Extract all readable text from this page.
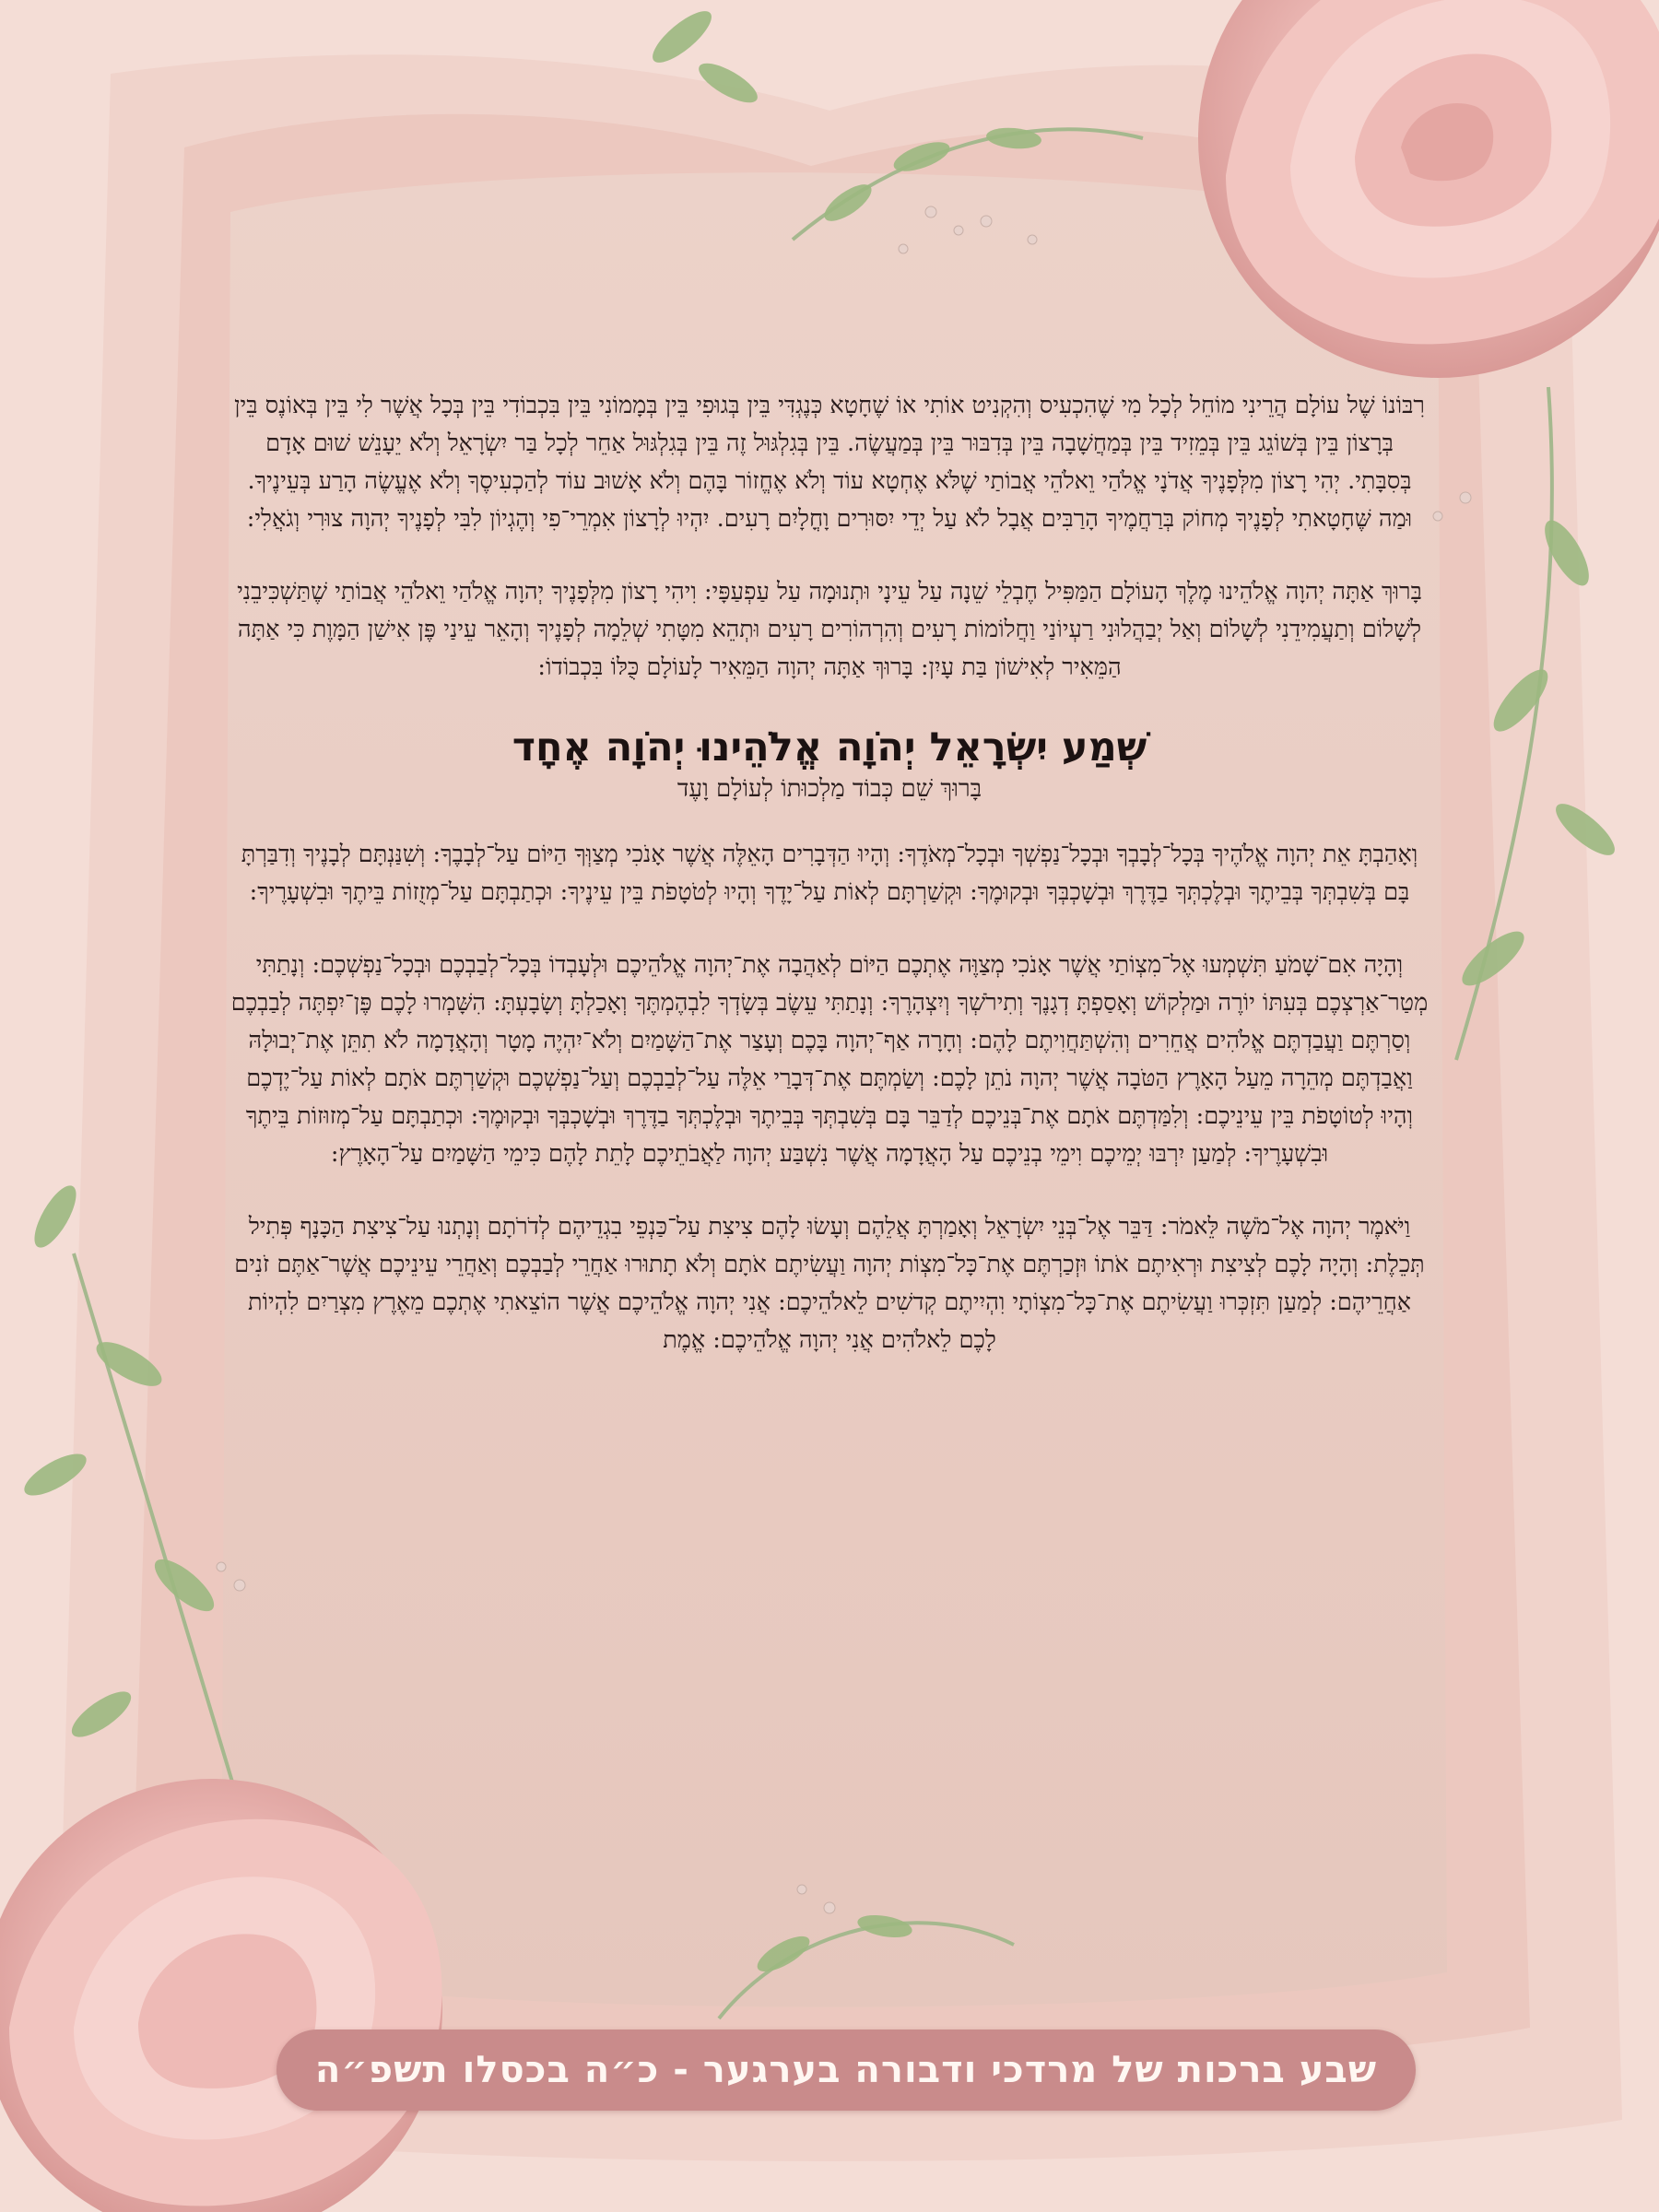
רִבּוֹנוֹ שֶׁל עוֹלָם הֲרֵינִי מוֹחֵל לְכָל מִי שֶׁהִכְעִיס וְהִקְנִיט אוֹתִי אוֹ שֶׁחָטָא כְּנֶגְדִּי בֵּין בְּגוּפִי בֵּין בְּמָמוֹנִי בֵּין בִּכְבוֹדִי בֵּין בְּכָל אֲשֶׁר לִי בֵּין בְּאוֹנֶס בֵּין בְּרָצוֹן בֵּין בְּשׁוֹגֵג בֵּין בְּמֵזִיד בֵּין בְּמַחֲשָׁבָה בֵּין בְּדִבּוּר בֵּין בְּמַעֲשֶׂה. בֵּין בְּגִלְגּוּל זֶה בֵּין בְּגִלְגּוּל אַחֵר לְכָל בַּר יִשְׂרָאֵל וְלֹא יֵעָנֵשׁ שׁוּם אָדָם בְּסִבָּתִי. יְהִי רָצוֹן מִלְּפָנֶיךָ אֲדֹנָי אֱלֹהַי וֵאלֹהֵי אֲבוֹתַי שֶׁלֹּא אֶחְטָא עוֹד וְלֹא אֶחֱזוֹר בָּהֶם וְלֹא אָשׁוּב עוֹד לְהַכְעִיסֶךָ וְלֹא אֶעֱשֶׂה הָרַע בְּעֵינֶיךָ. וּמַה שֶּׁחָטָאתִי לְפָנֶיךָ מְחוֹק בְּרַחֲמֶיךָ הָרַבִּים אֲבָל לֹא עַל יְדֵי יִסּוּרִים וָחֳלָיִם רָעִים. יִהְיוּ לְרָצוֹן אִמְרֵי־פִי וְהֶגְיוֹן לִבִּי לְפָנֶיךָ יְהוָה צוּרִי וְגֹאֲלִי:

בָּרוּךְ אַתָּה יְהוָה אֱלֹהֵינוּ מֶלֶךְ הָעוֹלָם הַמַּפִּיל חֶבְלֵי שֵׁנָה עַל עֵינָי וּתְנוּמָה עַל עַפְעַפָּי: וִיהִי רָצוֹן מִלְּפָנֶיךָ יְהוָה אֱלֹהַי וֵאלֹהֵי אֲבוֹתַי שֶׁתַּשְׁכִּיבֵנִי לְשָׁלוֹם וְתַעֲמִידֵנִי לְשָׁלוֹם וְאַל יְבַהֲלוּנִי רַעְיוֹנַי וַחֲלוֹמוֹת רָעִים וְהִרְהוֹרִים רָעִים וּתְהֵא מִטָּתִי שְׁלֵמָה לְפָנֶיךָ וְהָאֵר עֵינַי פֶּן אִישַׁן הַמָּוֶת כִּי אַתָּה הַמֵּאִיר לְאִישׁוֹן בַּת עָיִן: בָּרוּךְ אַתָּה יְהוָה הַמֵּאִיר לָעוֹלָם כֻּלּוֹ בִּכְבוֹדוֹ:

שְׁמַע יִשְׂרָאֵל יְהֹוָה אֱלֹהֵינוּ יְהֹוָה אֶחָד

בָּרוּךְ שֵׁם כְּבוֹד מַלְכוּתוֹ לְעוֹלָם וָעֶד

וְאָהַבְתָּ אֵת יְהוָה אֱלֹהֶיךָ בְּכָל־לְבָבְךָ וּבְכָל־נַפְשְׁךָ וּבְכָל־מְאֹדֶךָ: וְהָיוּ הַדְּבָרִים הָאֵלֶּה אֲשֶׁר אָנֹכִי מְצַוְּךָ הַיּוֹם עַל־לְבָבֶךָ: וְשִׁנַּנְתָּם לְבָנֶיךָ וְדִבַּרְתָּ בָּם בְּשִׁבְתְּךָ בְּבֵיתֶךָ וּבְלֶכְתְּךָ בַדֶּרֶךְ וּבְשָׁכְבְּךָ וּבְקוּמֶךָ: וּקְשַׁרְתָּם לְאוֹת עַל־יָדֶךָ וְהָיוּ לְטֹטָפֹת בֵּין עֵינֶיךָ: וּכְתַבְתָּם עַל־מְזֻזוֹת בֵּיתֶךָ וּבִשְׁעָרֶיךָ:

וְהָיָה אִם־שָׁמֹעַ תִּשְׁמְעוּ אֶל־מִצְוֹתַי אֲשֶׁר אָנֹכִי מְצַוֶּה אֶתְכֶם הַיּוֹם לְאַהֲבָה אֶת־יְהוָה אֱלֹהֵיכֶם וּלְעָבְדוֹ בְּכָל־לְבַבְכֶם וּבְכָל־נַפְשְׁכֶם: וְנָתַתִּי מְטַר־אַרְצְכֶם בְּעִתּוֹ יוֹרֶה וּמַלְקוֹשׁ וְאָסַפְתָּ דְגָנֶךָ וְתִירֹשְׁךָ וְיִצְהָרֶךָ: וְנָתַתִּי עֵשֶׂב בְּשָׂדְךָ לִבְהֶמְתֶּךָ וְאָכַלְתָּ וְשָׂבָעְתָּ: הִשָּׁמְרוּ לָכֶם פֶּן־יִפְתֶּה לְבַבְכֶם וְסַרְתֶּם וַעֲבַדְתֶּם אֱלֹהִים אֲחֵרִים וְהִשְׁתַּחֲוִיתֶם לָהֶם: וְחָרָה אַף־יְהוָה בָּכֶם וְעָצַר אֶת־הַשָּׁמַיִם וְלֹא־יִהְיֶה מָטָר וְהָאֲדָמָה לֹא תִתֵּן אֶת־יְבוּלָהּ וַאֲבַדְתֶּם מְהֵרָה מֵעַל הָאָרֶץ הַטֹּבָה אֲשֶׁר יְהוָה נֹתֵן לָכֶם: וְשַׂמְתֶּם אֶת־דְּבָרַי אֵלֶּה עַל־לְבַבְכֶם וְעַל־נַפְשְׁכֶם וּקְשַׁרְתֶּם אֹתָם לְאוֹת עַל־יֶדְכֶם וְהָיוּ לְטוֹטָפֹת בֵּין עֵינֵיכֶם: וְלִמַּדְתֶּם אֹתָם אֶת־בְּנֵיכֶם לְדַבֵּר בָּם בְּשִׁבְתְּךָ בְּבֵיתֶךָ וּבְלֶכְתְּךָ בַדֶּרֶךְ וּבְשָׁכְבְּךָ וּבְקוּמֶךָ: וּכְתַבְתָּם עַל־מְזוּזוֹת בֵּיתֶךָ וּבִשְׁעָרֶיךָ: לְמַעַן יִרְבּוּ יְמֵיכֶם וִימֵי בְנֵיכֶם עַל הָאֲדָמָה אֲשֶׁר נִשְׁבַּע יְהוָה לַאֲבֹתֵיכֶם לָתֵת לָהֶם כִּימֵי הַשָּׁמַיִם עַל־הָאָרֶץ:

וַיֹּאמֶר יְהוָה אֶל־מֹשֶׁה לֵּאמֹר: דַּבֵּר אֶל־בְּנֵי יִשְׂרָאֵל וְאָמַרְתָּ אֲלֵהֶם וְעָשׂוּ לָהֶם צִיצִת עַל־כַּנְפֵי בִגְדֵיהֶם לְדֹרֹתָם וְנָתְנוּ עַל־צִיצִת הַכָּנָף פְּתִיל תְּכֵלֶת: וְהָיָה לָכֶם לְצִיצִת וּרְאִיתֶם אֹתוֹ וּזְכַרְתֶּם אֶת־כָּל־מִצְוֹת יְהוָה וַעֲשִׂיתֶם אֹתָם וְלֹא תָתוּרוּ אַחֲרֵי לְבַבְכֶם וְאַחֲרֵי עֵינֵיכֶם אֲשֶׁר־אַתֶּם זֹנִים אַחֲרֵיהֶם: לְמַעַן תִּזְכְּרוּ וַעֲשִׂיתֶם אֶת־כָּל־מִצְוֹתָי וִהְיִיתֶם קְדשִׁים לֵאלֹהֵיכֶם: אֲנִי יְהוָה אֱלֹהֵיכֶם אֲשֶׁר הוֹצֵאתִי אֶתְכֶם מֵאֶרֶץ מִצְרַיִם לִהְיוֹת לָכֶם לֵאלֹהִים אֲנִי יְהוָה אֱלֹהֵיכֶם: אֱמֶת

שבע ברכות של מרדכי ודבורה בערגער - כ״ה בכסלו תשפ״ה
